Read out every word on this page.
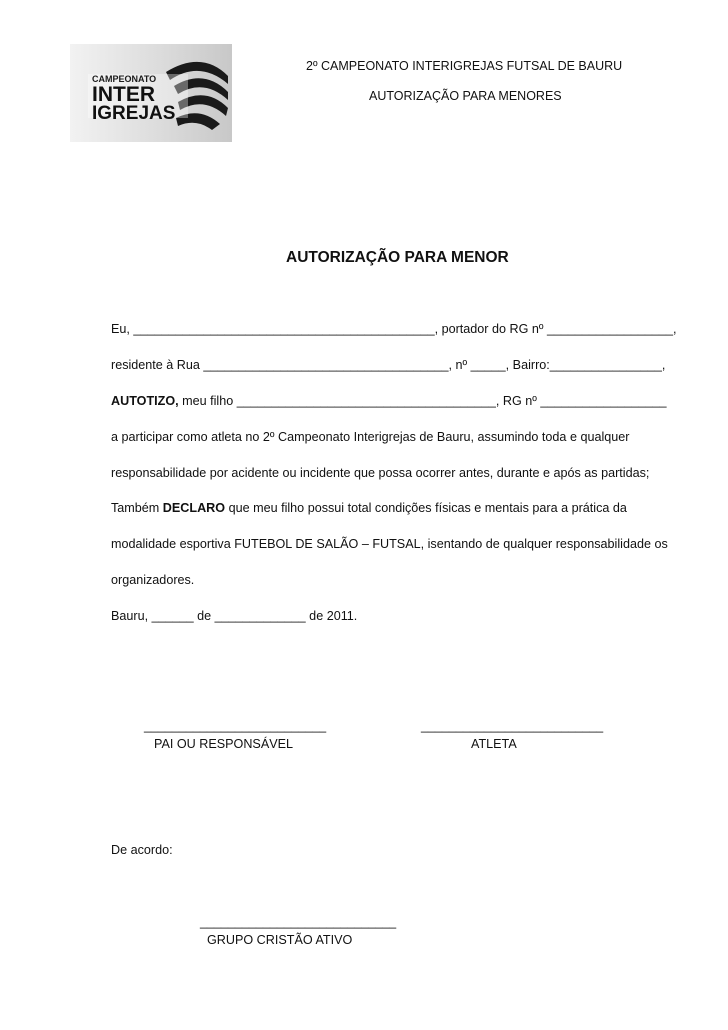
CAMPEONATO
INTER
IGREJAS
2º CAMPEONATO INTERIGREJAS FUTSAL DE BAURU
AUTORIZAÇÃO PARA MENORES
AUTORIZAÇÃO PARA MENOR
Eu, ___________________________________________, portador do RG nº __________________,
residente à Rua ___________________________________, nº _____, Bairro:________________,
AUTOTIZO, meu filho _____________________________________, RG nº __________________
a participar como atleta no 2º Campeonato Interigrejas de Bauru, assumindo toda e qualquer
responsabilidade por acidente ou incidente que possa ocorrer antes, durante e após as partidas;
Também DECLARO que meu filho possui total condições físicas e mentais para a prática da
modalidade esportiva FUTEBOL DE SALÃO – FUTSAL, isentando de qualquer responsabilidade os
organizadores.
Bauru, ______ de _____________ de 2011.
__________________________
PAI OU RESPONSÁVEL
__________________________
ATLETA
De acordo:
____________________________
GRUPO CRISTÃO ATIVO
